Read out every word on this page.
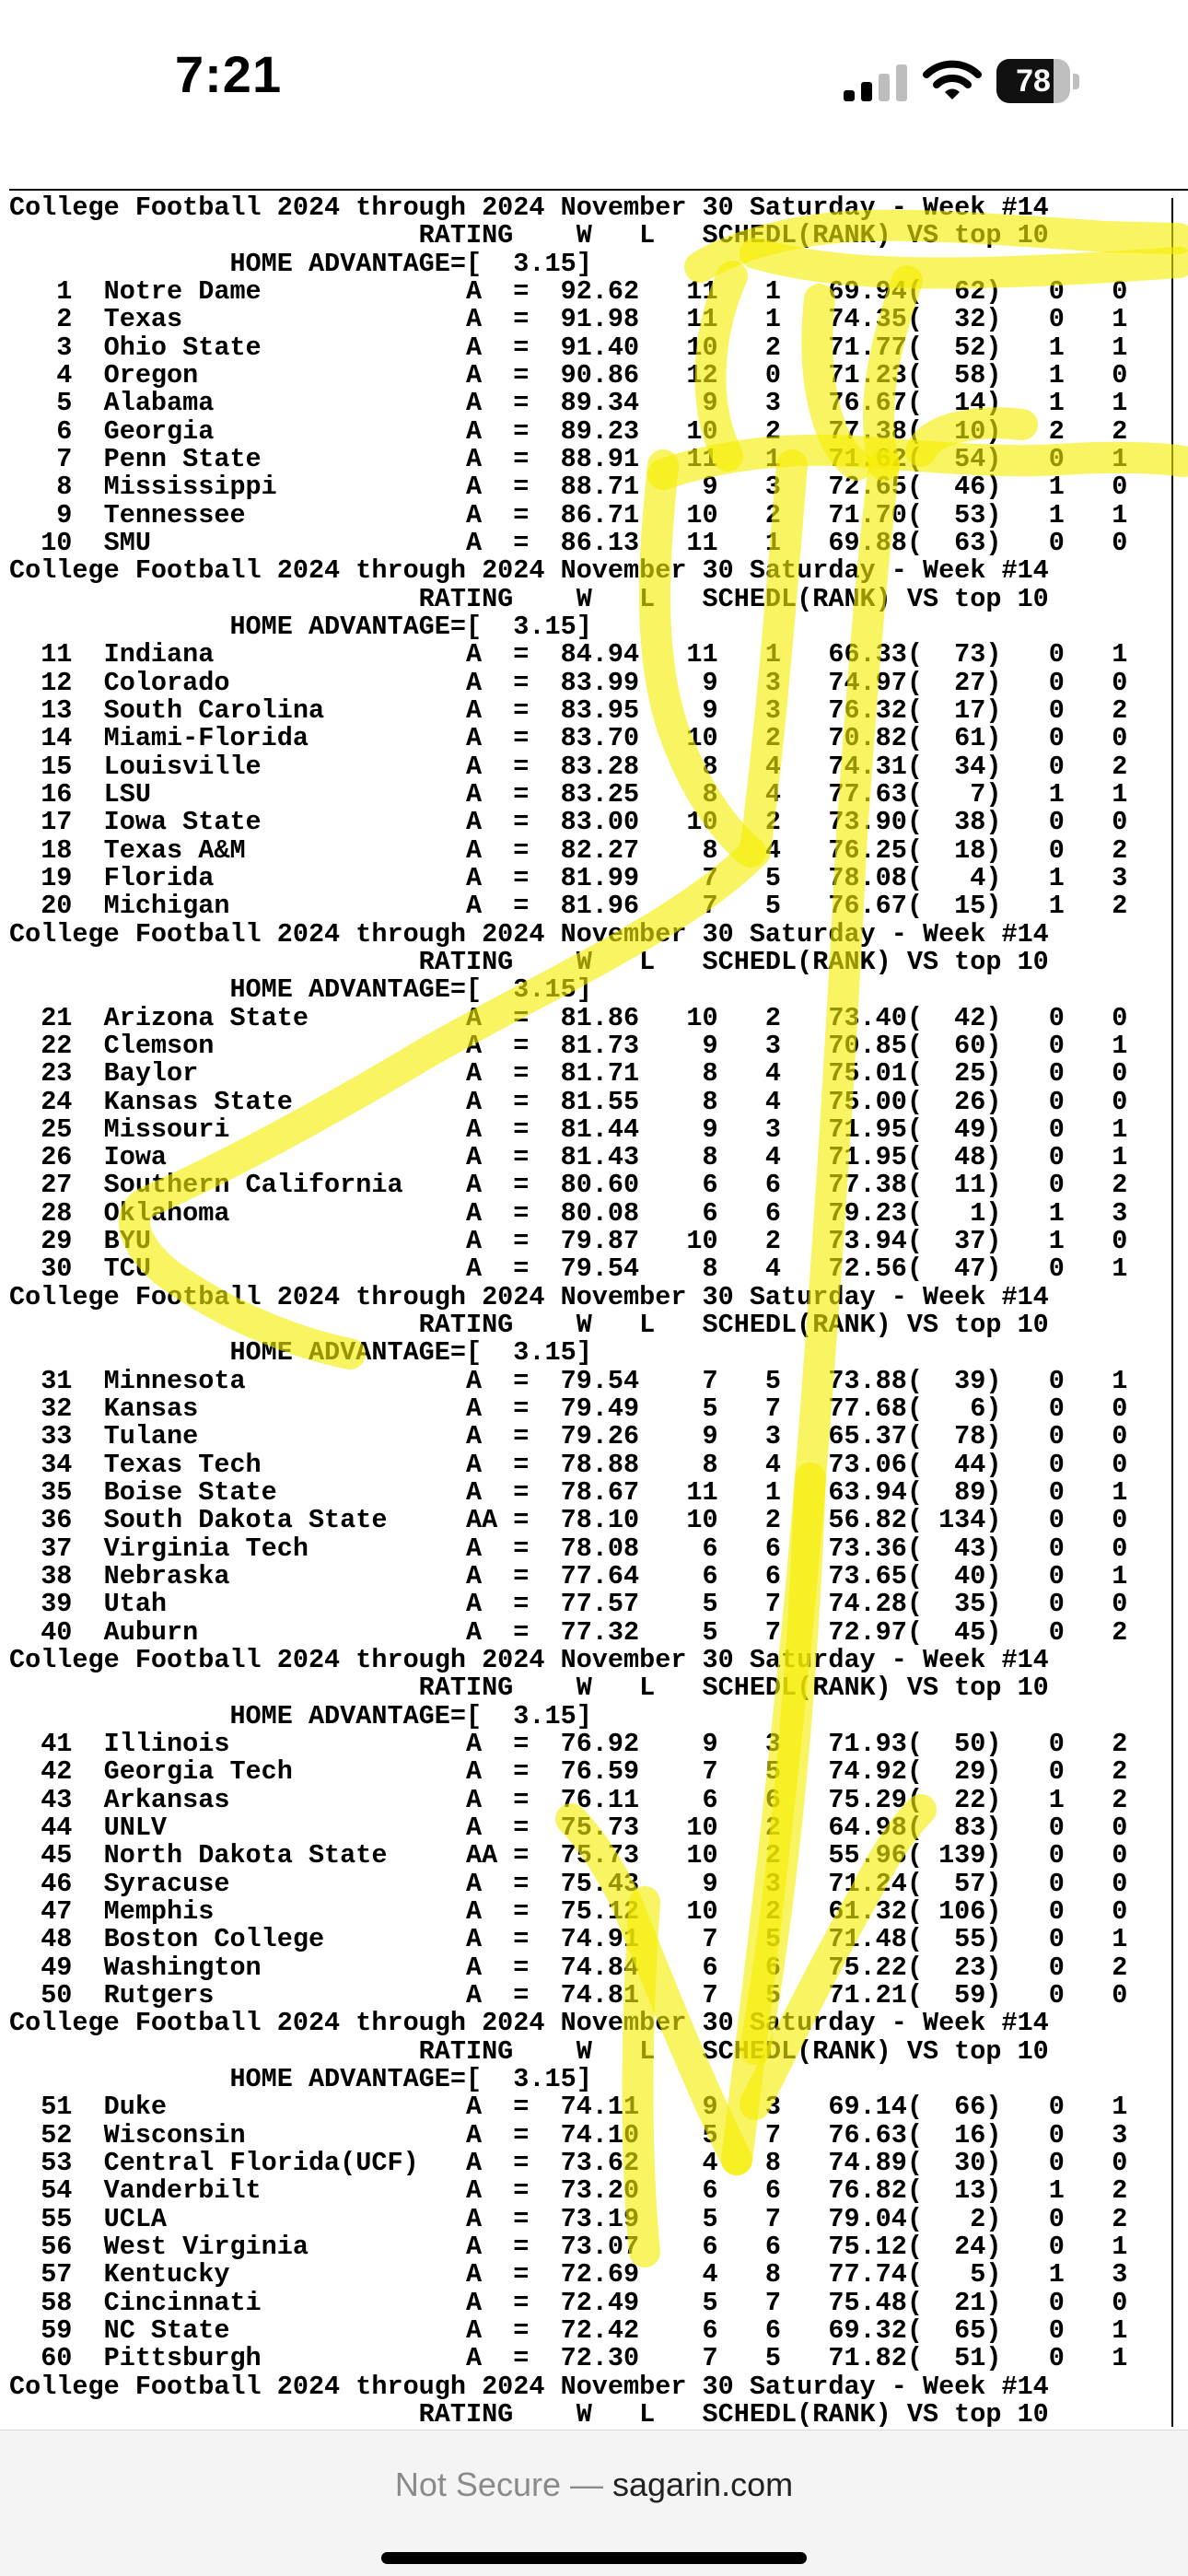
7:21	78
College Football 2024 through 2024 November 30 Saturday - Week #14
RATING    W   L   SCHEDL(RANK) VS top 10
HOME ADVANTAGE=[  3.15]
1  Notre Dame             A  =  92.62   11   1   69.94(  62)   0   0
2  Texas                  A  =  91.98   11   1   74.35(  32)   0   1
3  Ohio State             A  =  91.40   10   2   71.77(  52)   1   1
4  Oregon                 A  =  90.86   12   0   71.23(  58)   1   0
5  Alabama                A  =  89.34    9   3   76.67(  14)   1   1
6  Georgia                A  =  89.23   10   2   77.38(  10)   2   2
7  Penn State             A  =  88.91   11   1   71.62(  54)   0   1
8  Mississippi            A  =  88.71    9   3   72.65(  46)   1   0
9  Tennessee              A  =  86.71   10   2   71.70(  53)   1   1
10  SMU                    A  =  86.13   11   1   69.88(  63)   0   0
College Football 2024 through 2024 November 30 Saturday - Week #14
RATING    W   L   SCHEDL(RANK) VS top 10
HOME ADVANTAGE=[  3.15]
11  Indiana                A  =  84.94   11   1   66.33(  73)   0   1
12  Colorado               A  =  83.99    9   3   74.97(  27)   0   0
13  South Carolina         A  =  83.95    9   3   76.32(  17)   0   2
14  Miami-Florida          A  =  83.70   10   2   70.82(  61)   0   0
15  Louisville             A  =  83.28    8   4   74.31(  34)   0   2
16  LSU                    A  =  83.25    8   4   77.63(   7)   1   1
17  Iowa State             A  =  83.00   10   2   73.90(  38)   0   0
18  Texas A&M              A  =  82.27    8   4   76.25(  18)   0   2
19  Florida                A  =  81.99    7   5   78.08(   4)   1   3
20  Michigan               A  =  81.96    7   5   76.67(  15)   1   2
College Football 2024 through 2024 November 30 Saturday - Week #14
RATING    W   L   SCHEDL(RANK) VS top 10
HOME ADVANTAGE=[  3.15]
21  Arizona State          A  =  81.86   10   2   73.40(  42)   0   0
22  Clemson                A  =  81.73    9   3   70.85(  60)   0   1
23  Baylor                 A  =  81.71    8   4   75.01(  25)   0   0
24  Kansas State           A  =  81.55    8   4   75.00(  26)   0   0
25  Missouri               A  =  81.44    9   3   71.95(  49)   0   1
26  Iowa                   A  =  81.43    8   4   71.95(  48)   0   1
27  Southern California    A  =  80.60    6   6   77.38(  11)   0   2
28  Oklahoma               A  =  80.08    6   6   79.23(   1)   1   3
29  BYU                    A  =  79.87   10   2   73.94(  37)   1   0
30  TCU                    A  =  79.54    8   4   72.56(  47)   0   1
College Football 2024 through 2024 November 30 Saturday - Week #14
RATING    W   L   SCHEDL(RANK) VS top 10
HOME ADVANTAGE=[  3.15]
31  Minnesota              A  =  79.54    7   5   73.88(  39)   0   1
32  Kansas                 A  =  79.49    5   7   77.68(   6)   0   0
33  Tulane                 A  =  79.26    9   3   65.37(  78)   0   0
34  Texas Tech             A  =  78.88    8   4   73.06(  44)   0   0
35  Boise State            A  =  78.67   11   1   63.94(  89)   0   1
36  South Dakota State     AA =  78.10   10   2   56.82( 134)   0   0
37  Virginia Tech          A  =  78.08    6   6   73.36(  43)   0   0
38  Nebraska               A  =  77.64    6   6   73.65(  40)   0   1
39  Utah                   A  =  77.57    5   7   74.28(  35)   0   0
40  Auburn                 A  =  77.32    5   7   72.97(  45)   0   2
College Football 2024 through 2024 November 30 Saturday - Week #14
RATING    W   L   SCHEDL(RANK) VS top 10
HOME ADVANTAGE=[  3.15]
41  Illinois               A  =  76.92    9   3   71.93(  50)   0   2
42  Georgia Tech           A  =  76.59    7   5   74.92(  29)   0   2
43  Arkansas               A  =  76.11    6   6   75.29(  22)   1   2
44  UNLV                   A  =  75.73   10   2   64.98(  83)   0   0
45  North Dakota State     AA =  75.73   10   2   55.96( 139)   0   0
46  Syracuse               A  =  75.43    9   3   71.24(  57)   0   0
47  Memphis                A  =  75.12   10   2   61.32( 106)   0   0
48  Boston College         A  =  74.91    7   5   71.48(  55)   0   1
49  Washington             A  =  74.84    6   6   75.22(  23)   0   2
50  Rutgers                A  =  74.81    7   5   71.21(  59)   0   0
College Football 2024 through 2024 November 30 Saturday - Week #14
RATING    W   L   SCHEDL(RANK) VS top 10
HOME ADVANTAGE=[  3.15]
51  Duke                   A  =  74.11    9   3   69.14(  66)   0   1
52  Wisconsin              A  =  74.10    5   7   76.63(  16)   0   3
53  Central Florida(UCF)   A  =  73.62    4   8   74.89(  30)   0   0
54  Vanderbilt             A  =  73.20    6   6   76.82(  13)   1   2
55  UCLA                   A  =  73.19    5   7   79.04(   2)   0   2
56  West Virginia          A  =  73.07    6   6   75.12(  24)   0   1
57  Kentucky               A  =  72.69    4   8   77.74(   5)   1   3
58  Cincinnati             A  =  72.49    5   7   75.48(  21)   0   0
59  NC State               A  =  72.42    6   6   69.32(  65)   0   1
60  Pittsburgh             A  =  72.30    7   5   71.82(  51)   0   1
College Football 2024 through 2024 November 30 Saturday - Week #14
RATING    W   L   SCHEDL(RANK) VS top 10
Not Secure — sagarin.com
